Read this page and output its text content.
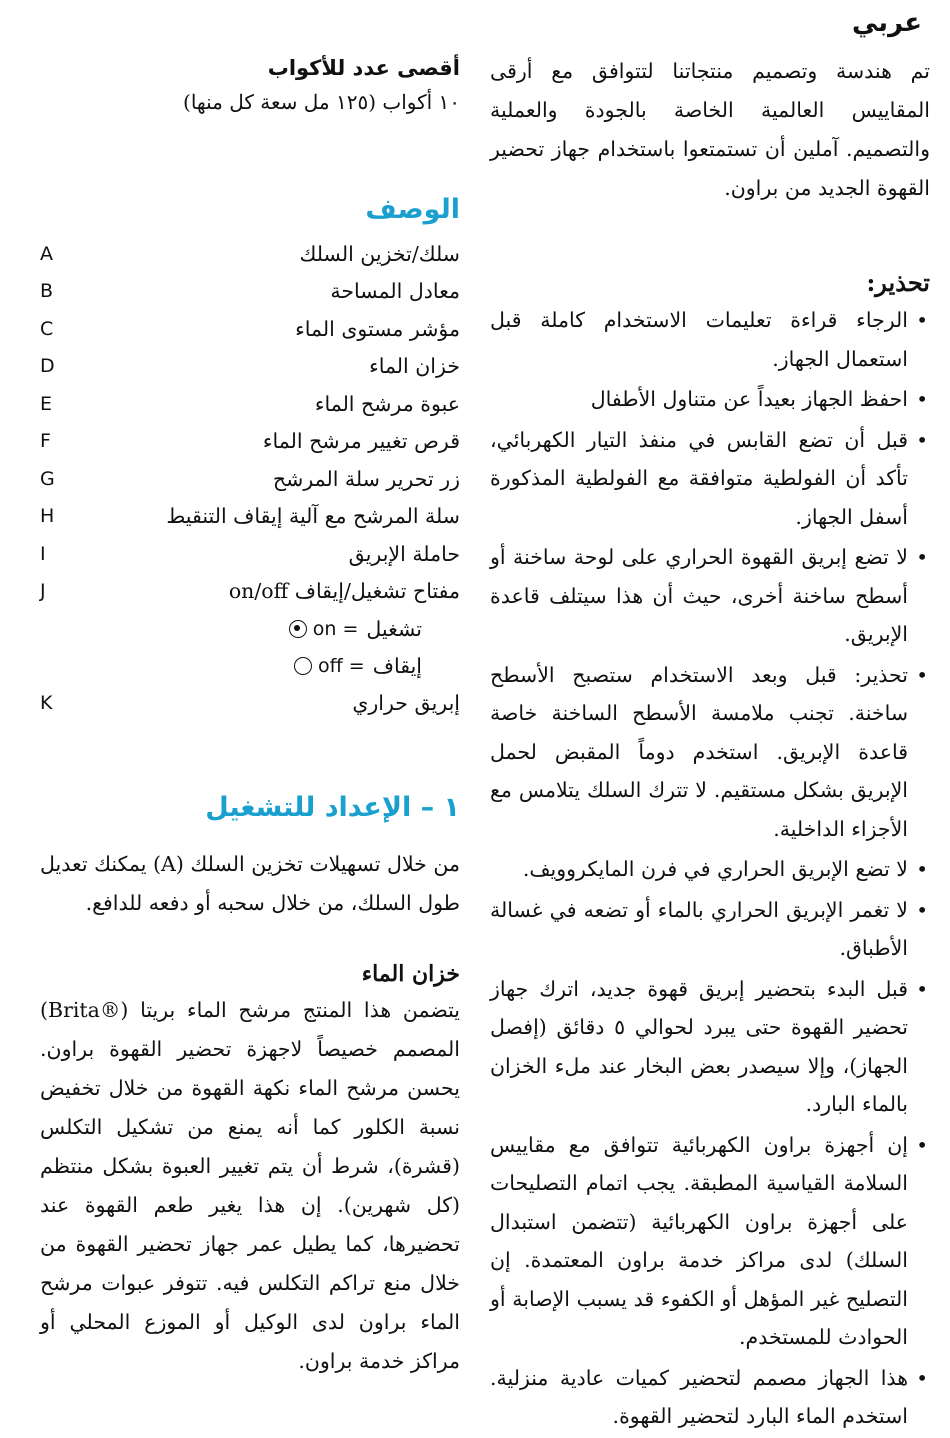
عربي

تم هندسة وتصميم منتجاتنا لتتوافق مع أرقى المقاييس العالمية الخاصة بالجودة والعملية والتصميم. آملين أن تستمتعوا باستخدام جهاز تحضير القهوة الجديد من براون.

تحذير:
•
الرجاء قراءة تعليمات الاستخدام كاملة قبل استعمال الجهاز.
•
احفظ الجهاز بعيداً عن متناول الأطفال
•
قبل أن تضع القابس في منفذ التيار الكهربائي، تأكد أن الفولطية متوافقة مع الفولطية المذكورة أسفل الجهاز.
•
لا تضع إبريق القهوة الحراري على لوحة ساخنة أو أسطح ساخنة أخرى، حيث أن هذا سيتلف قاعدة الإبريق.
•
تحذير: قبل وبعد الاستخدام ستصبح الأسطح ساخنة. تجنب ملامسة الأسطح الساخنة خاصة قاعدة الإبريق. استخدم دوماً المقبض لحمل الإبريق بشكل مستقيم. لا تترك السلك يتلامس مع الأجزاء الداخلية.
•
لا تضع الإبريق الحراري في فرن المايكروويف.
•
لا تغمر الإبريق الحراري بالماء أو تضعه في غسالة الأطباق.
•
قبل البدء بتحضير إبريق قهوة جديد، اترك جهاز تحضير القهوة حتى يبرد لحوالي ٥ دقائق (إفصل الجهاز)، وإلا سيصدر بعض البخار عند ملء الخزان بالماء البارد.
•
إن أجهزة براون الكهربائية تتوافق مع مقاييس السلامة القياسية المطبقة. يجب اتمام التصليحات على أجهزة براون الكهربائية (تتضمن استبدال السلك) لدى مراكز خدمة براون المعتمدة. إن التصليح غير المؤهل أو الكفوء قد يسبب الإصابة أو الحوادث للمستخدم.
•
هذا الجهاز مصمم لتحضير كميات عادية منزلية. استخدم الماء البارد لتحضير القهوة.
أقصى عدد للأكواب

١٠ أكواب (١٢٥ مل سعة كل منها)

الوصف
سلك/تخزين السلك
A
معادل المساحة
B
مؤشر مستوى الماء
C
خزان الماء
D
عبوة مرشح الماء
E
قرص تغيير مرشح الماء
F
زر تحرير سلة المرشح
G
سلة المرشح مع آلية إيقاف التنقيط
H
حاملة الإبريق
I
مفتاح تشغيل/إيقاف on/off
J
تشغيل
on =
إيقاف
off =
إبريق حراري
K
١ – الإعداد للتشغيل

من خلال تسهيلات تخزين السلك (A) يمكنك تعديل طول السلك، من خلال سحبه أو دفعه للدافع.

خزان الماء

يتضمن هذا المنتج مرشح الماء بريتا (®Brita) المصمم خصيصاً لاجهزة تحضير القهوة براون. يحسن مرشح الماء نكهة القهوة من خلال تخفيض نسبة الكلور كما أنه يمنع من تشكيل التكلس (قشرة)، شرط أن يتم تغيير العبوة بشكل منتظم (كل شهرين). إن هذا يغير طعم القهوة عند تحضيرها، كما يطيل عمر جهاز تحضير القهوة من خلال منع تراكم التكلس فيه. تتوفر عبوات مرشح الماء براون لدى الوكيل أو الموزع المحلي أو مراكز خدمة براون.
